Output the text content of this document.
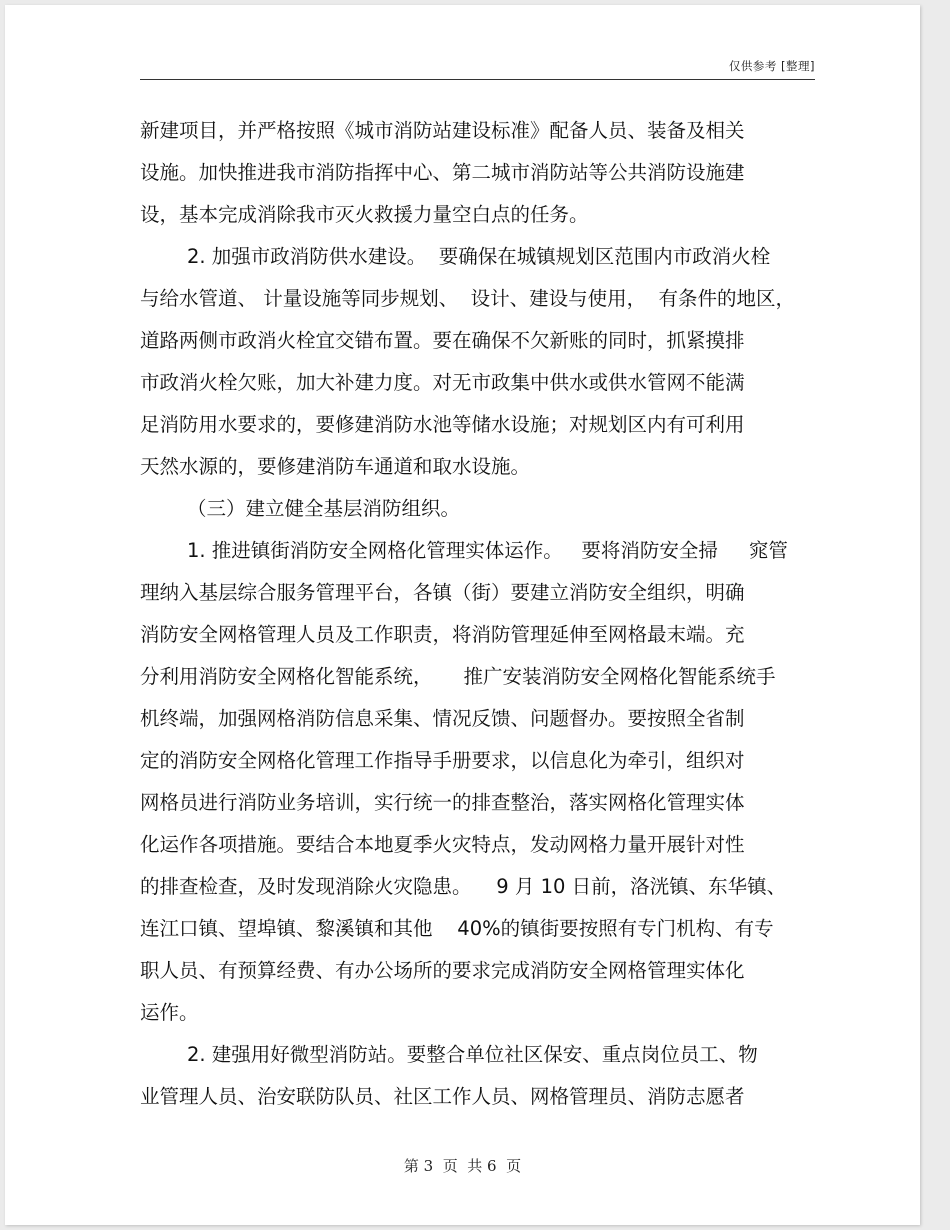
仅供参考 [整理]
新建项目，并严格按照《城市消防站建设标准》配备人员、装备及相关
设施。加快推进我市消防指挥中心、第二城市消防站等公共消防设施建
设，基本完成消除我市灭火救援力量空白点的任务。
2. 加强市政消防供水建设。  要确保在城镇规划区范围内市政消火栓
与给水管道、 计量设施等同步规划、  设计、建设与使用，  有条件的地区，
道路两侧市政消火栓宜交错布置。要在确保不欠新账的同时，抓紧摸排
市政消火栓欠账，加大补建力度。对无市政集中供水或供水管网不能满
足消防用水要求的，要修建消防水池等储水设施；对规划区内有可利用
天然水源的，要修建消防车通道和取水设施。
（三）建立健全基层消防组织。
1. 推进镇街消防安全网格化管理实体运作。   要将消防安全掃     窕管
理纳入基层综合服务管理平台，各镇（街）要建立消防安全组织，明确
消防安全网格管理人员及工作职责，将消防管理延伸至网格最末端。充
分利用消防安全网格化智能系统，     推广安装消防安全网格化智能系统手
机终端，加强网格消防信息采集、情况反馈、问题督办。要按照全省制
定的消防安全网格化管理工作指导手册要求，以信息化为牵引，组织对
网格员进行消防业务培训，实行统一的排查整治，落实网格化管理实体
化运作各项措施。要结合本地夏季火灾特点，发动网格力量开展针对性
的排查检查，及时发现消除火灾隐患。    9 月 10 日前，洛洸镇、东华镇、
连江口镇、望埠镇、黎溪镇和其他    40%的镇街要按照有专门机构、有专
职人员、有预算经费、有办公场所的要求完成消防安全网格管理实体化
运作。
2. 建强用好微型消防站。要整合单位社区保安、重点岗位员工、物
业管理人员、治安联防队员、社区工作人员、网格管理员、消防志愿者
第 3  页  共 6  页
